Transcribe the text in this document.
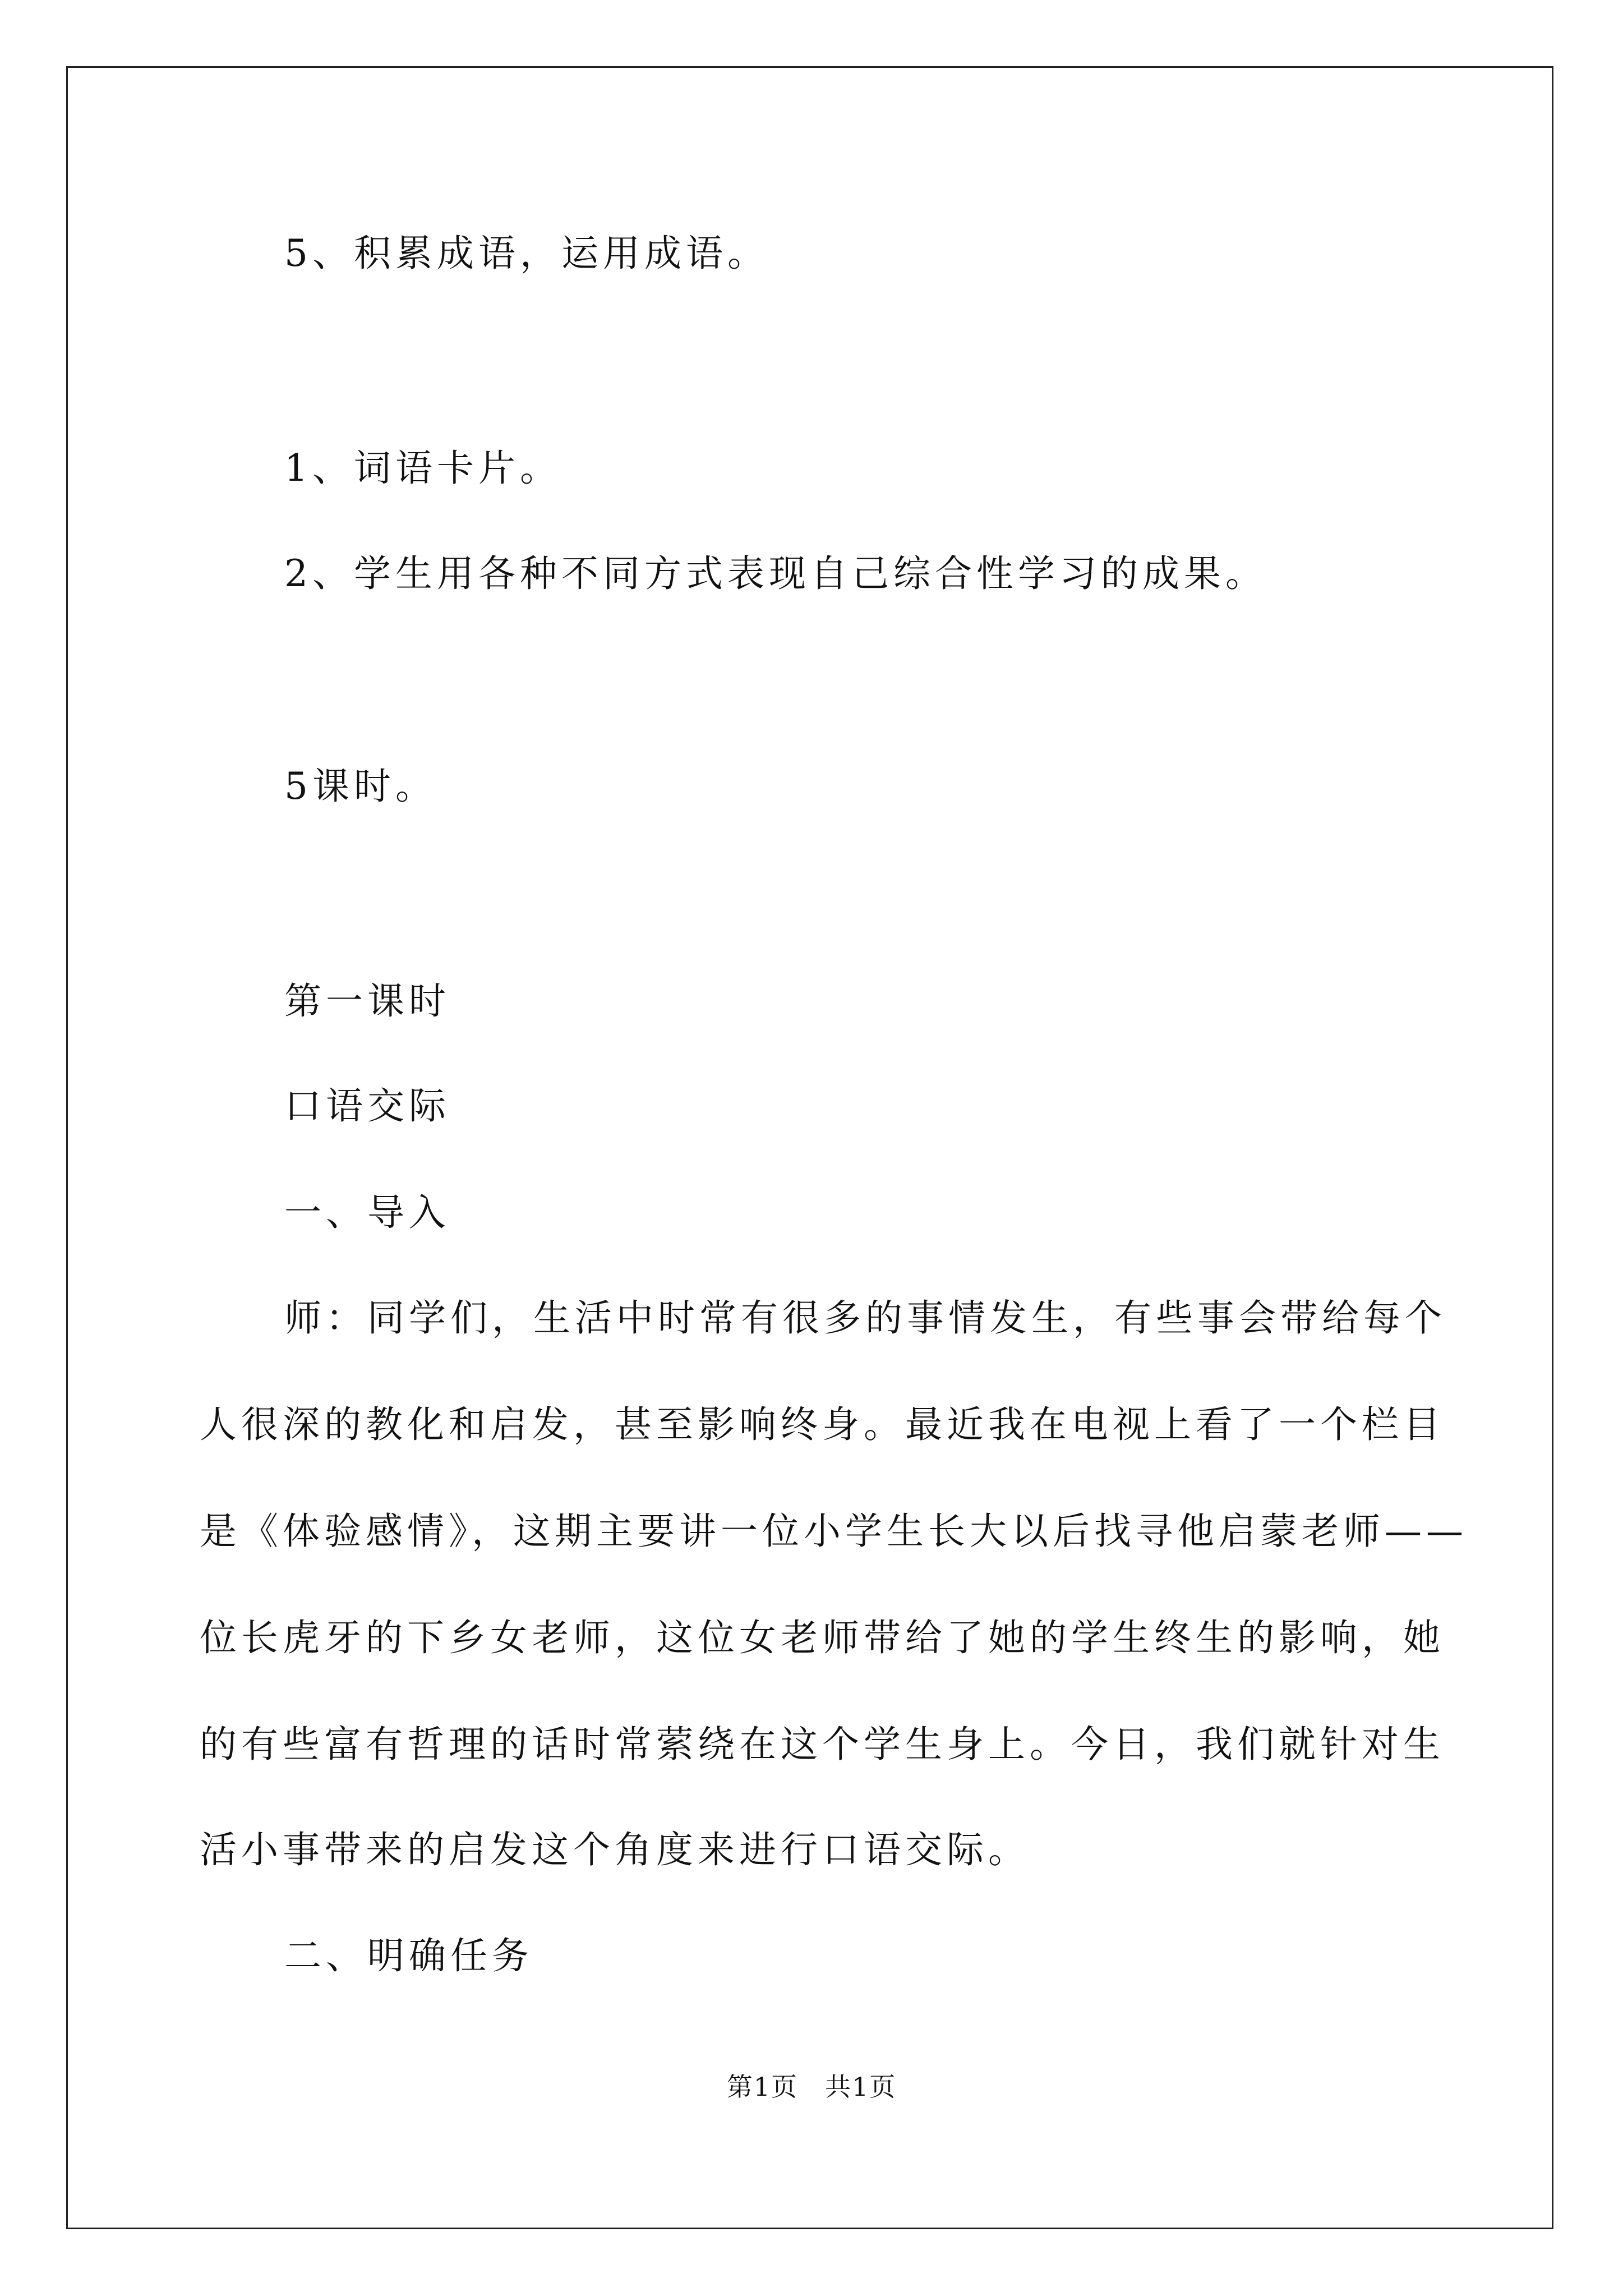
5、积累成语，运用成语。
1、词语卡片。
2、学生用各种不同方式表现自己综合性学习的成果。
5课时。
第一课时
口语交际
一、导入
师：同学们，生活中时常有很多的事情发生，有些事会带给每个
人很深的教化和启发，甚至影响终身。最近我在电视上看了一个栏目
是《体验感情》，这期主要讲一位小学生长大以后找寻他启蒙老师——
位长虎牙的下乡女老师，这位女老师带给了她的学生终生的影响，她
的有些富有哲理的话时常萦绕在这个学生身上。今日，我们就针对生
活小事带来的启发这个角度来进行口语交际。
二、明确任务
第1页　共1页
